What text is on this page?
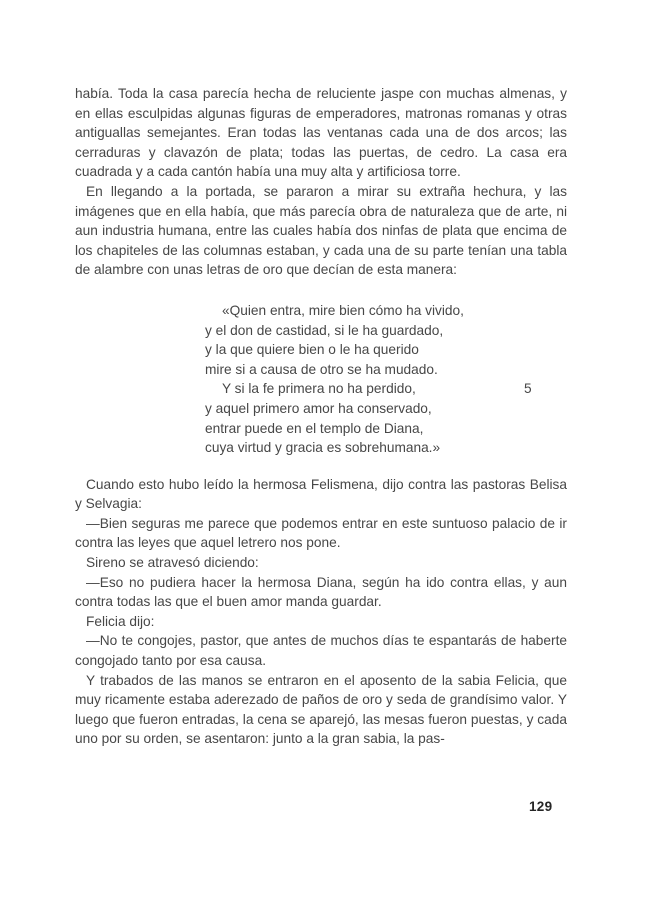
había. Toda la casa parecía hecha de reluciente jaspe con muchas almenas, y en ellas esculpidas algunas figuras de emperadores, matronas romanas y otras antiguallas semejantes. Eran todas las ventanas cada una de dos arcos; las cerraduras y clavazón de plata; todas las puertas, de cedro. La casa era cuadrada y a cada cantón había una muy alta y artificiosa torre.

En llegando a la portada, se pararon a mirar su extraña hechura, y las imágenes que en ella había, que más parecía obra de naturaleza que de arte, ni aun industria humana, entre las cuales había dos ninfas de plata que encima de los chapiteles de las columnas estaban, y cada una de su parte tenían una tabla de alambre con unas letras de oro que decían de esta manera:

«Quien entra, mire bien cómo ha vivido,
y el don de castidad, si le ha guardado,
y la que quiere bien o le ha querido
mire si a causa de otro se ha mudado.
Y si la fe primera no ha perdido,	5
y aquel primero amor ha conservado,
entrar puede en el templo de Diana,
cuya virtud y gracia es sobrehumana.»

Cuando esto hubo leído la hermosa Felismena, dijo contra las pastoras Belisa y Selvagia:

—Bien seguras me parece que podemos entrar en este suntuoso palacio de ir contra las leyes que aquel letrero nos pone.

Sireno se atravesó diciendo:

—Eso no pudiera hacer la hermosa Diana, según ha ido contra ellas, y aun contra todas las que el buen amor manda guardar.

Felicia dijo:

—No te congojes, pastor, que antes de muchos días te espantarás de haberte congojado tanto por esa causa.

Y trabados de las manos se entraron en el aposento de la sabia Felicia, que muy ricamente estaba aderezado de paños de oro y seda de grandísimo valor. Y luego que fueron entradas, la cena se aparejó, las mesas fueron puestas, y cada uno por su orden, se asentaron: junto a la gran sabia, la pas-

129
